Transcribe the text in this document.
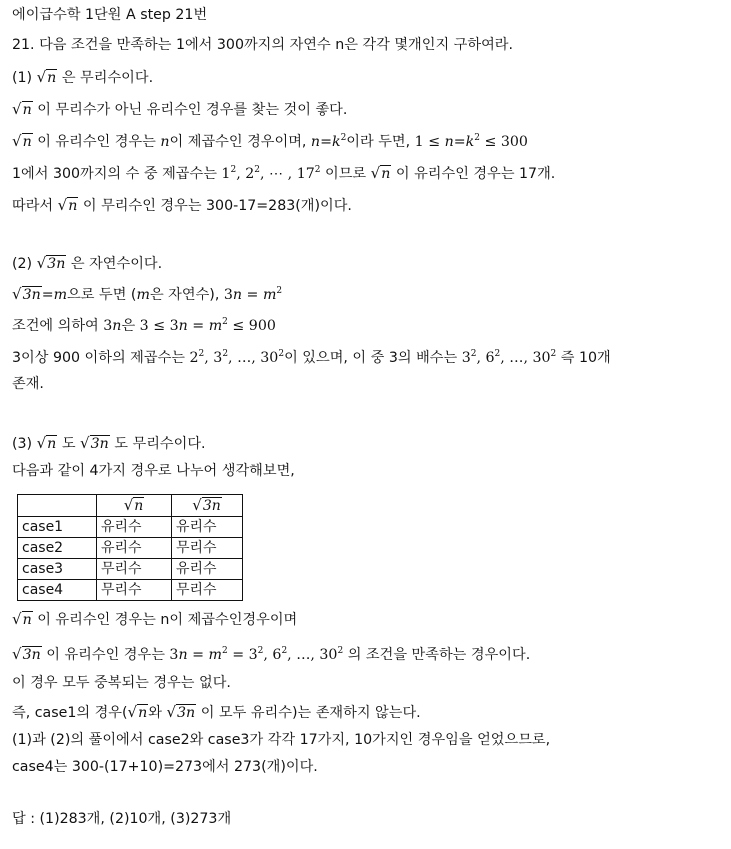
에이급수학 1단원 A step 21번
21. 다음 조건을 만족하는 1에서 300까지의 자연수 n은 각각 몇개인지 구하여라.
(1) √n 은 무리수이다.
√n 이 무리수가 아닌 유리수인 경우를 찾는 것이 좋다.
√n 이 유리수인 경우는 n이 제곱수인 경우이며, $n=k^2$이라 두면, $1 \le n=k^2 \le 300$
1에서 300까지의 수 중 제곱수는 $1^2$, $2^2$, ⋯ , $17^2$ 이므로 √n 이 유리수인 경우는 17개.
따라서 √n 이 무리수인 경우는 300-17=283(개)이다.
(2) √3n 은 자연수이다.
√3n=m으로 두면 (m은 자연수), $3n = m^2$
조건에 의하여 3n은 $3 \le 3n = m^2 \le 900$
3이상 900 이하의 제곱수는 $2^2$, $3^2$, …, $30^2$이 있으며, 이 중 3의 배수는 $3^2$, $6^2$, …, $30^2$ 즉 10개
존재.
(3) √n 도 √3n 도 무리수이다.
다음과 같이 4가지 경우로 나누어 생각해보면,
	√n	√3n
case1	유리수	유리수
case2	유리수	무리수
case3	무리수	유리수
case4	무리수	무리수
√n 이 유리수인 경우는 n이 제곱수인경우이며
√3n 이 유리수인 경우는 $3n = m^2 = 3^2$, $6^2$, …, $30^2$ 의 조건을 만족하는 경우이다.
이 경우 모두 중복되는 경우는 없다.
즉, case1의 경우(√n와 √3n 이 모두 유리수)는 존재하지 않는다.
(1)과 (2)의 풀이에서 case2와 case3가 각각 17가지, 10가지인 경우임을 얻었으므로,
case4는 300-(17+10)=273에서 273(개)이다.
답 : (1)283개, (2)10개, (3)273개
